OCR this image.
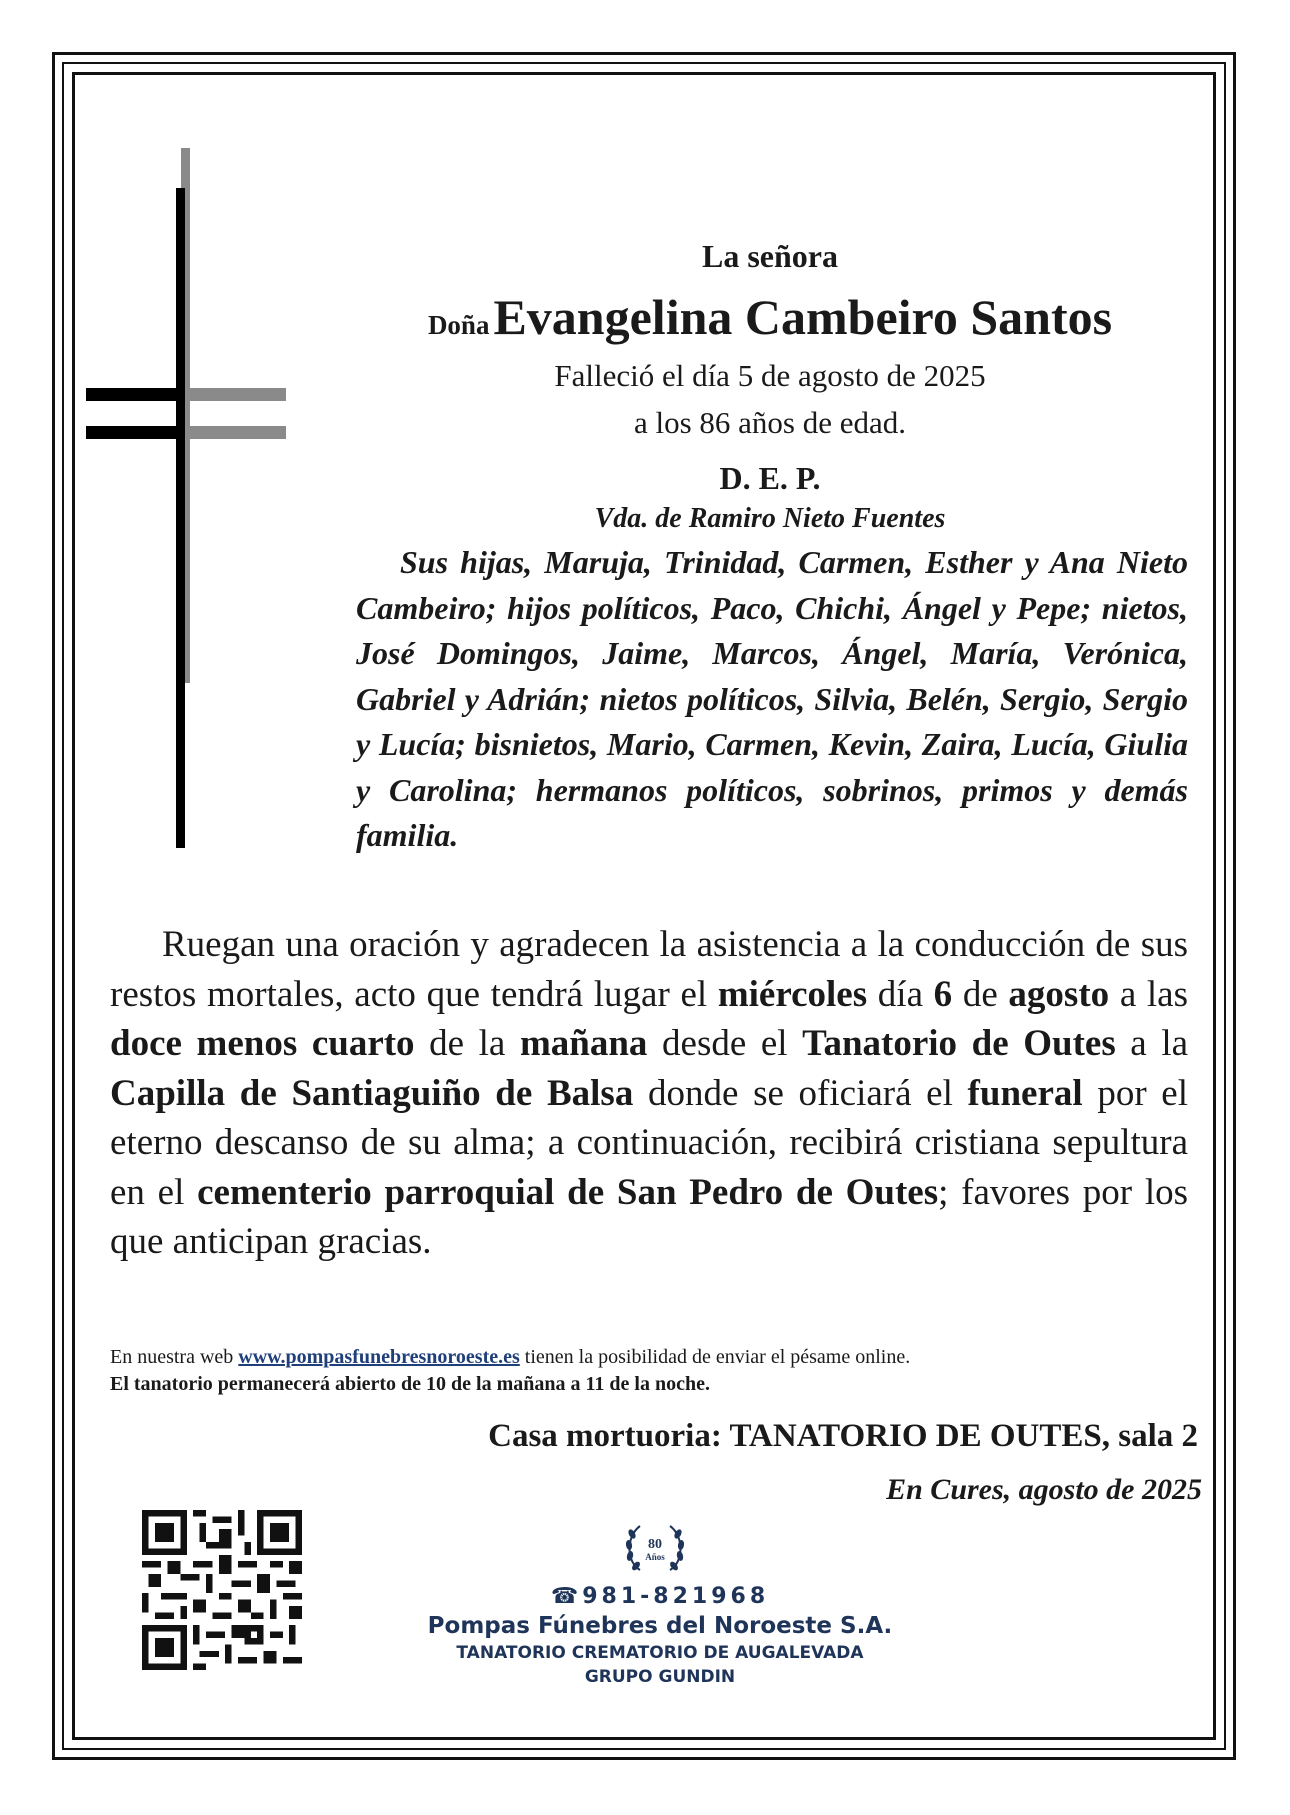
La señora
DoñaEvangelina Cambeiro Santos
Falleció el día 5 de agosto de 2025
a los 86 años de edad.
D. E. P.
Vda. de Ramiro Nieto Fuentes
Sus hijas, Maruja, Trinidad, Carmen, Esther y Ana Nieto Cambeiro; hijos políticos, Paco, Chichi, Ángel y Pepe; nietos, José Domingos, Jaime, Marcos, Ángel, María, Verónica, Gabriel y Adrián; nietos políticos, Silvia, Belén, Sergio, Sergio y Lucía; bisnietos, Mario, Carmen, Kevin, Zaira, Lucía, Giulia y Carolina; hermanos políticos, sobrinos, primos y demás familia.
Ruegan una oración y agradecen la asistencia a la conducción de sus restos mortales, acto que tendrá lugar el miércoles día 6 de agosto a las doce menos cuarto de la mañana desde el Tanatorio de Outes a la Capilla de Santiaguiño de Balsa donde se oficiará el funeral por el eterno descanso de su alma; a continuación, recibirá cristiana sepultura en el cementerio parroquial de San Pedro de Outes; favores por los que anticipan gracias.
En nuestra web www.pompasfunebresnoroeste.es tienen la posibilidad de enviar el pésame online.
El tanatorio permanecerá abierto de 10 de la mañana a 11 de la noche.
Casa mortuoria: TANATORIO DE OUTES, sala 2
En Cures, agosto de 2025
80
Años
☎981-821968
Pompas Fúnebres del Noroeste S.A.
TANATORIO CREMATORIO DE AUGALEVADA
GRUPO GUNDIN
